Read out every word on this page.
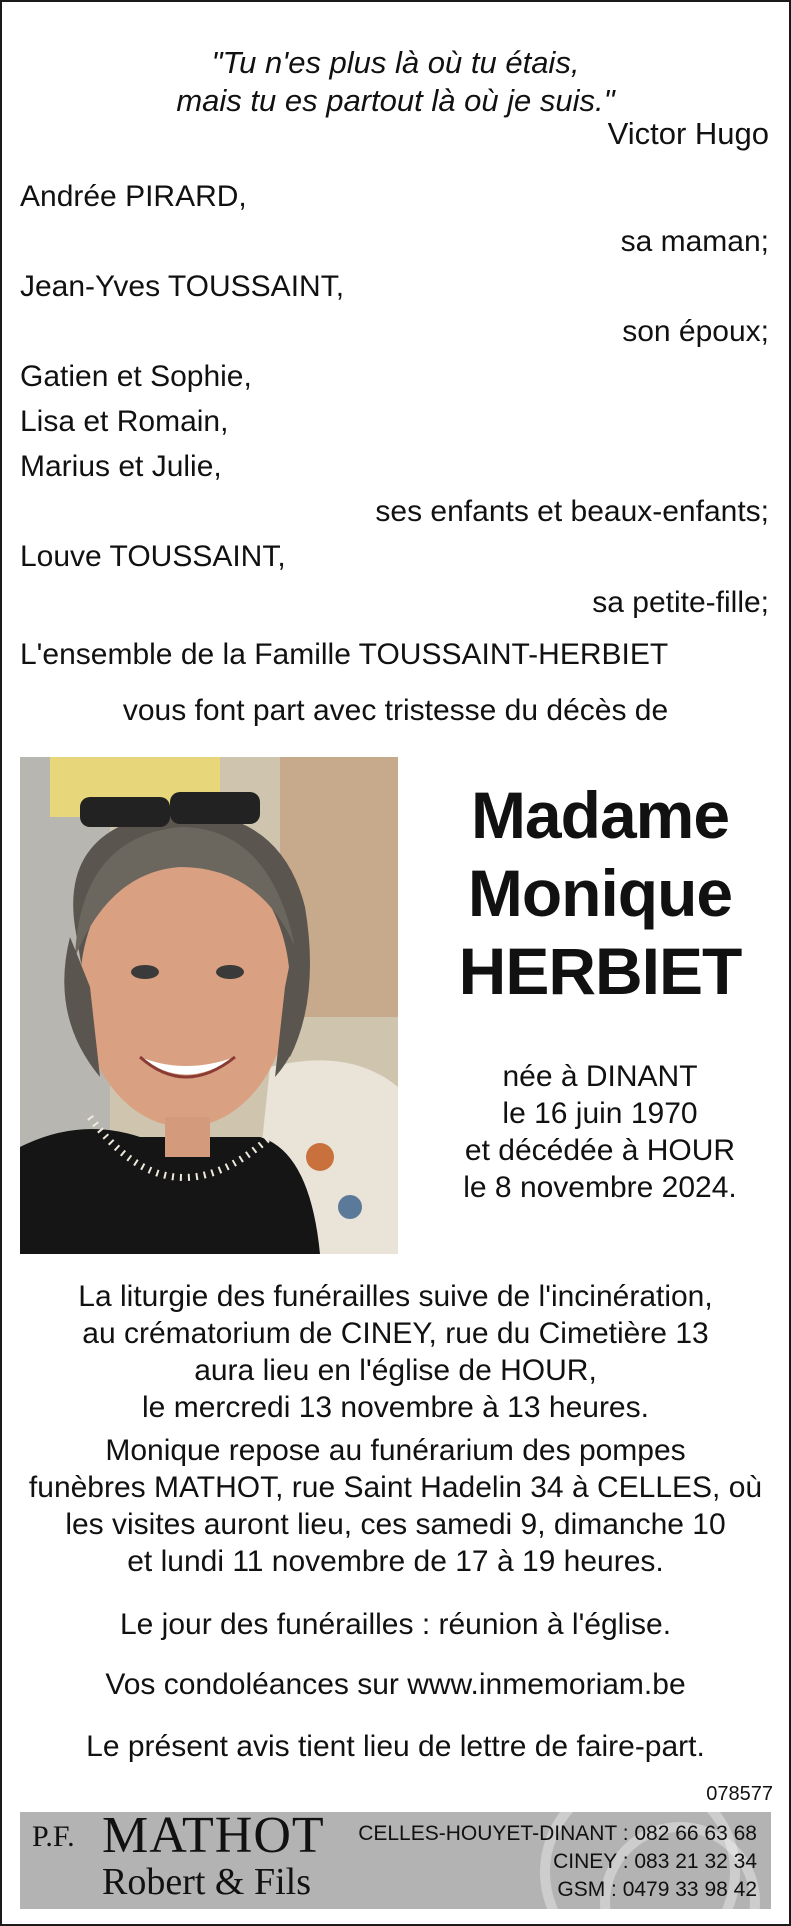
"Tu n'es plus là où tu étais,
mais tu es partout là où je suis."
Victor Hugo
Andrée PIRARD,
sa maman;
Jean-Yves TOUSSAINT,
son époux;
Gatien et Sophie,
Lisa et Romain,
Marius et Julie,
ses enfants et beaux-enfants;
Louve TOUSSAINT,
sa petite-fille;
L'ensemble de la Famille TOUSSAINT-HERBIET
vous font part avec tristesse du décès de
Madame
Monique
HERBIET
née à DINANT
le 16 juin 1970
et décédée à HOUR
le 8 novembre 2024.
La liturgie des funérailles suive de l'incinération,
au crématorium de CINEY, rue du Cimetière 13
aura lieu en l'église de HOUR,
le mercredi 13 novembre à 13 heures.
Monique repose au funérarium des pompes
funèbres MATHOT, rue Saint Hadelin 34 à CELLES, où
les visites auront lieu, ces samedi 9, dimanche 10
et lundi 11 novembre de 17 à 19 heures.
Le jour des funérailles : réunion à l'église.
Vos condoléances sur www.inmemoriam.be
Le présent avis tient lieu de lettre de faire-part.
078577
P.F. MATHOT
Robert & Fils
CELLES-HOUYET-DINANT : 082 66 63 68
CINEY : 083 21 32 34
GSM : 0479 33 98 42
